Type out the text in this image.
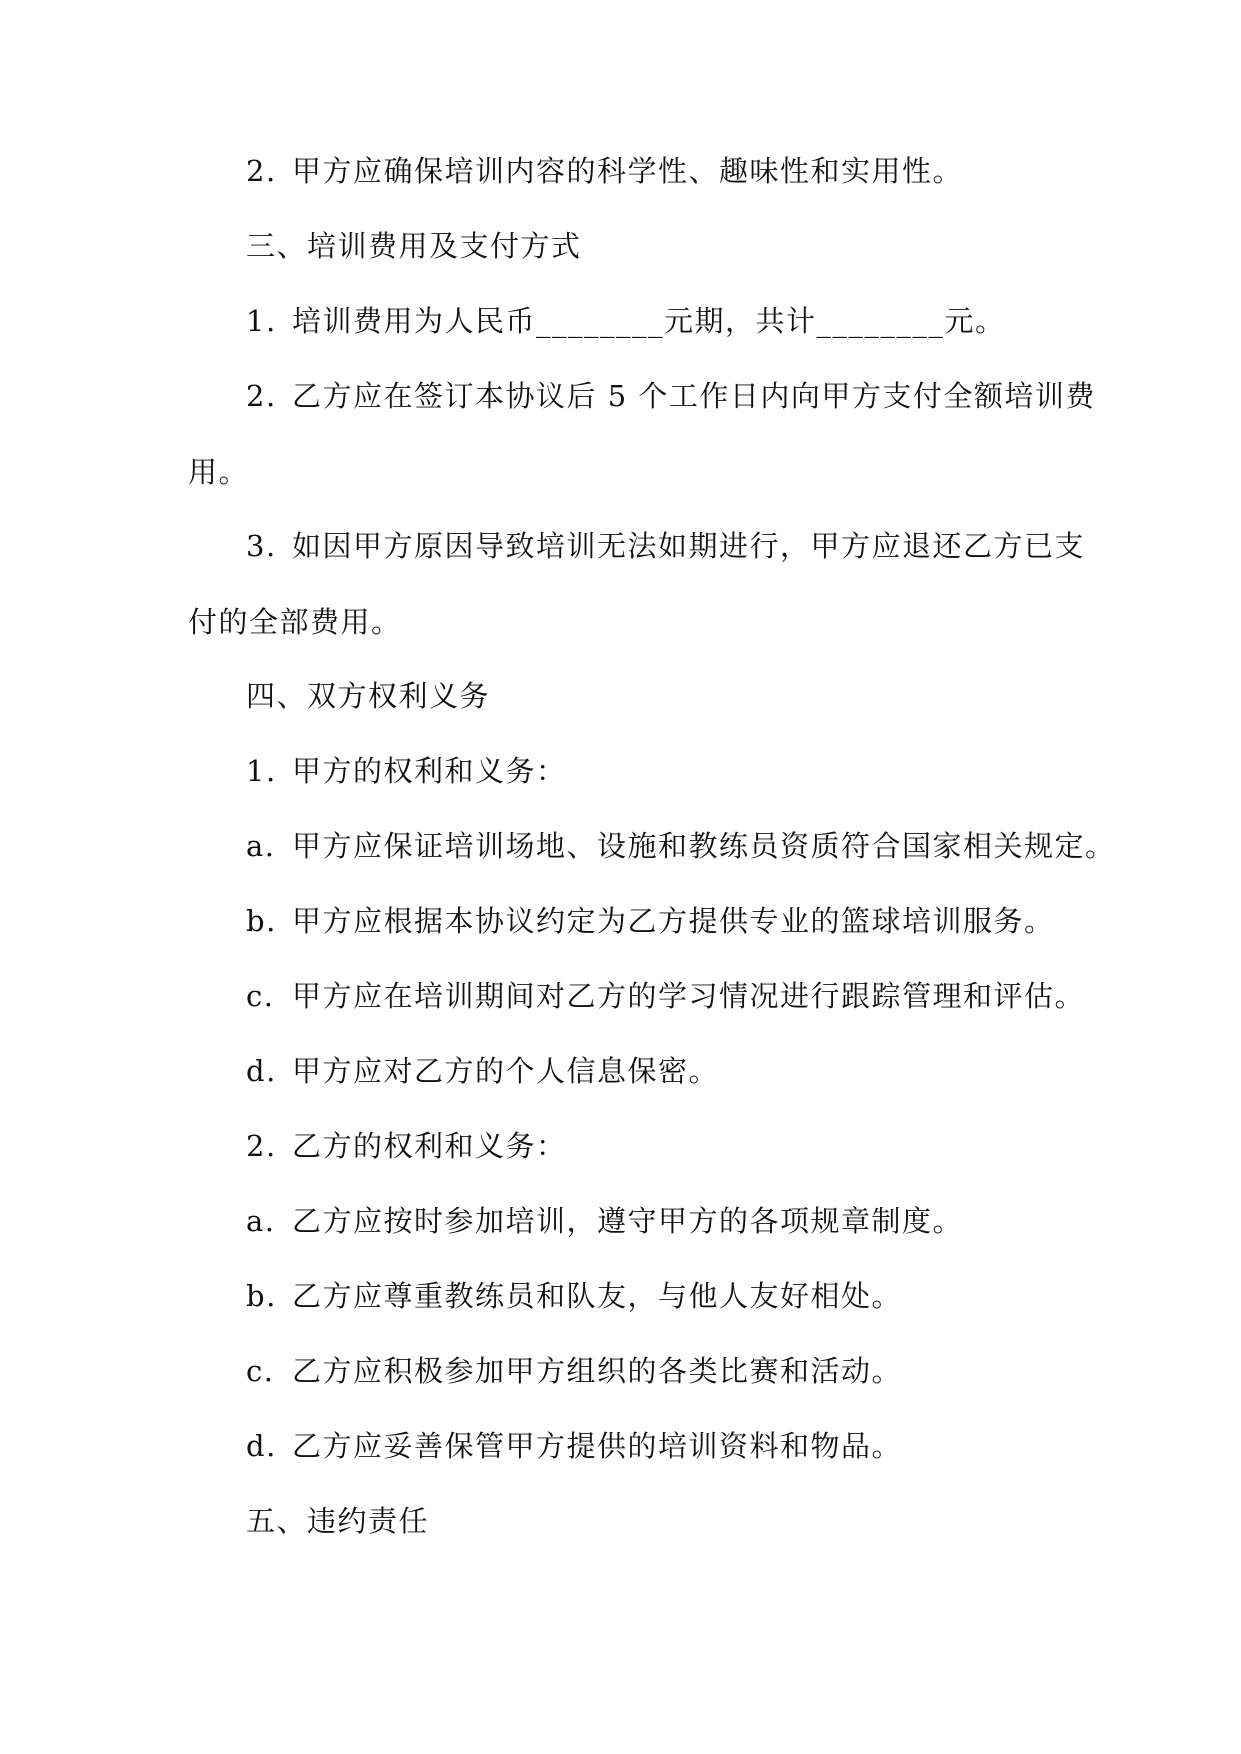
2. 甲方应确保培训内容的科学性、趣味性和实用性。
三、培训费用及支付方式
1. 培训费用为人民币________元期，共计________元。
2. 乙方应在签订本协议后 5 个工作日内向甲方支付全额培训费
用。
3. 如因甲方原因导致培训无法如期进行，甲方应退还乙方已支
付的全部费用。
四、双方权利义务
1. 甲方的权利和义务：
a. 甲方应保证培训场地、设施和教练员资质符合国家相关规定。
b. 甲方应根据本协议约定为乙方提供专业的篮球培训服务。
c. 甲方应在培训期间对乙方的学习情况进行跟踪管理和评估。
d. 甲方应对乙方的个人信息保密。
2. 乙方的权利和义务：
a. 乙方应按时参加培训，遵守甲方的各项规章制度。
b. 乙方应尊重教练员和队友，与他人友好相处。
c. 乙方应积极参加甲方组织的各类比赛和活动。
d. 乙方应妥善保管甲方提供的培训资料和物品。
五、违约责任
